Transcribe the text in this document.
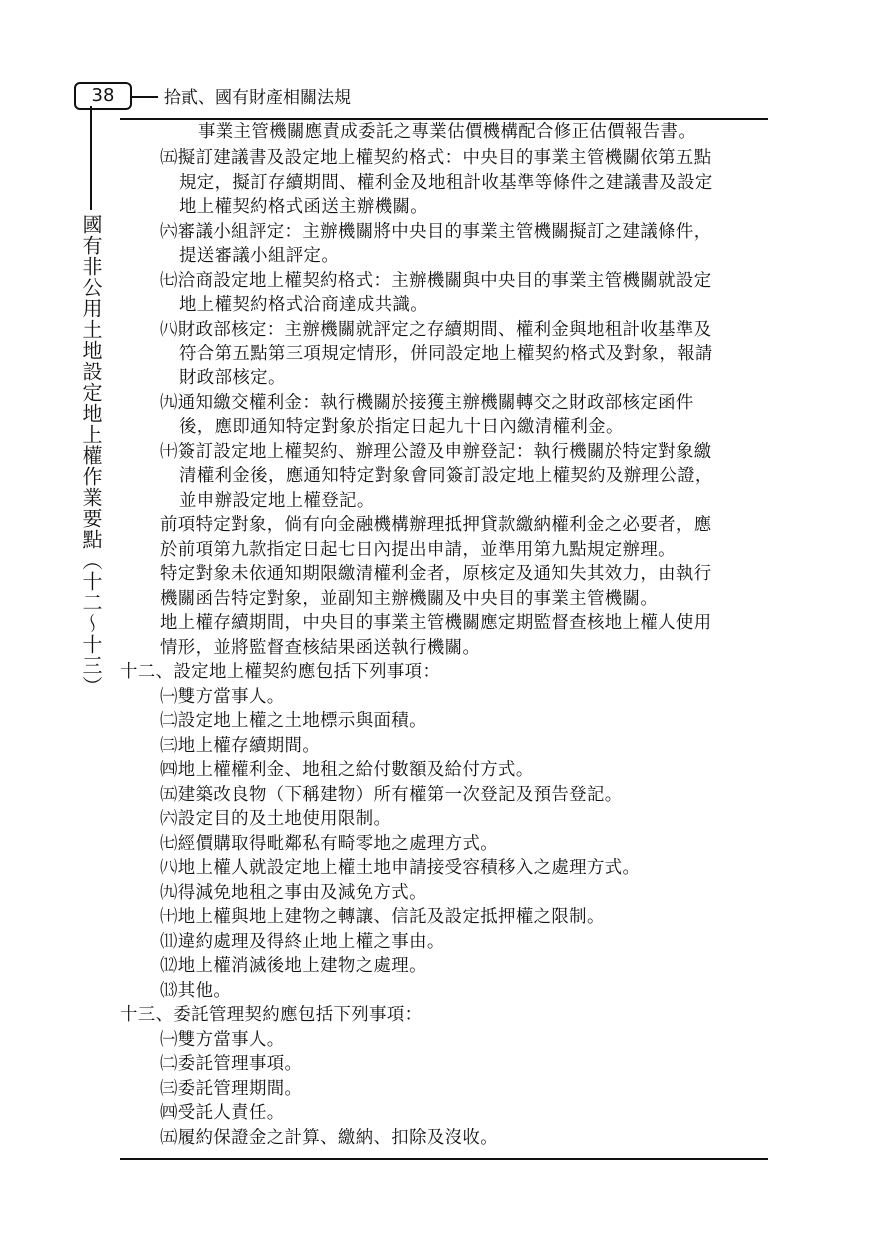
38	拾貳、國有財產相關法規
國有非公用土地設定地上權作業要點（十二～十三）
事業主管機關應責成委託之專業估價機構配合修正估價報告書。
㈤擬訂建議書及設定地上權契約格式：中央目的事業主管機關依第五點
規定，擬訂存續期間、權利金及地租計收基準等條件之建議書及設定
地上權契約格式函送主辦機關。
㈥審議小組評定：主辦機關將中央目的事業主管機關擬訂之建議條件，
提送審議小組評定。
㈦洽商設定地上權契約格式：主辦機關與中央目的事業主管機關就設定
地上權契約格式洽商達成共識。
㈧財政部核定：主辦機關就評定之存續期間、權利金與地租計收基準及
符合第五點第三項規定情形，併同設定地上權契約格式及對象，報請
財政部核定。
㈨通知繳交權利金：執行機關於接獲主辦機關轉交之財政部核定函件
後，應即通知特定對象於指定日起九十日內繳清權利金。
㈩簽訂設定地上權契約、辦理公證及申辦登記：執行機關於特定對象繳
清權利金後，應通知特定對象會同簽訂設定地上權契約及辦理公證，
並申辦設定地上權登記。
前項特定對象，倘有向金融機構辦理抵押貸款繳納權利金之必要者，應
於前項第九款指定日起七日內提出申請，並準用第九點規定辦理。
特定對象未依通知期限繳清權利金者，原核定及通知失其效力，由執行
機關函告特定對象，並副知主辦機關及中央目的事業主管機關。
地上權存續期間，中央目的事業主管機關應定期監督查核地上權人使用
情形，並將監督查核結果函送執行機關。
十二、設定地上權契約應包括下列事項：
㈠雙方當事人。
㈡設定地上權之土地標示與面積。
㈢地上權存續期間。
㈣地上權權利金、地租之給付數額及給付方式。
㈤建築改良物（下稱建物）所有權第一次登記及預告登記。
㈥設定目的及土地使用限制。
㈦經價購取得毗鄰私有畸零地之處理方式。
㈧地上權人就設定地上權土地申請接受容積移入之處理方式。
㈨得減免地租之事由及減免方式。
㈩地上權與地上建物之轉讓、信託及設定抵押權之限制。
⑾違約處理及得終止地上權之事由。
⑿地上權消滅後地上建物之處理。
⒀其他。
十三、委託管理契約應包括下列事項：
㈠雙方當事人。
㈡委託管理事項。
㈢委託管理期間。
㈣受託人責任。
㈤履約保證金之計算、繳納、扣除及沒收。
